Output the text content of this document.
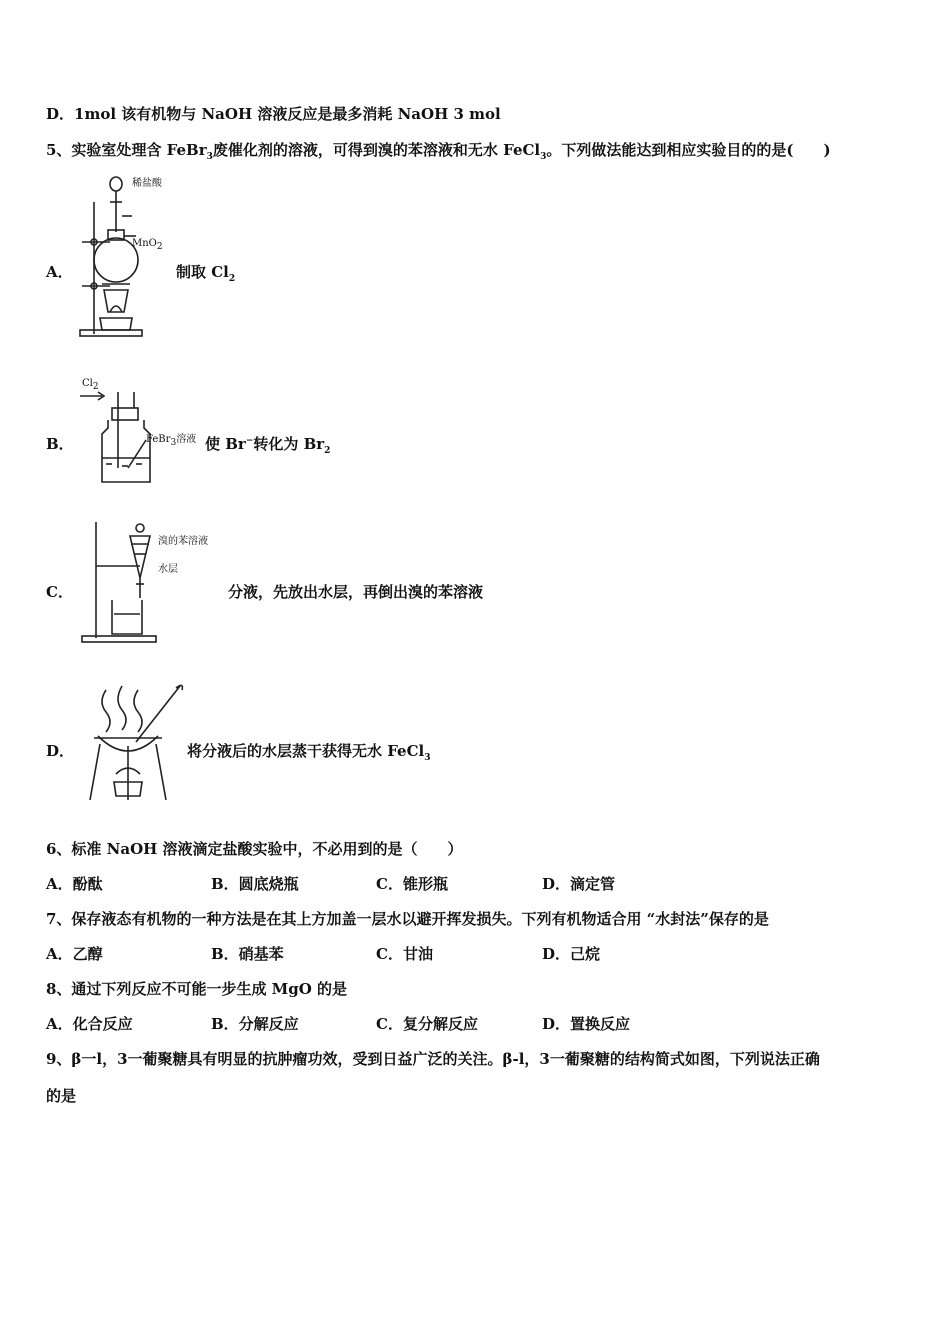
D．1mol 该有机物与 NaOH 溶液反应是最多消耗 NaOH 3 mol
5、实验室处理含 FeBr$_3$废催化剂的溶液，可得到溴的苯溶液和无水 FeCl$_3$。下列做法能达到相应实验目的的是(　　)
A．
稀盐酸
MnO$_2$
制取 $Cl_2$
B．
$Cl_2$
FeBr$_3$溶液 使 Br−转化为 $Br_2$
C．
溴的苯溶液
水层
分液，先放出水层，再倒出溴的苯溶液
D．	将分液后的水层蒸干获得无水 FeCl$_3$
6、标准 NaOH 溶液滴定盐酸实验中，不必用到的是（　　）
A．酚酞	B．圆底烧瓶	C．锥形瓶	D．滴定管
7、保存液态有机物的一种方法是在其上方加盖一层水以避开挥发损失。下列有机物适合用 “水封法”保存的是
A．乙醇	B．硝基苯	C．甘油	D．己烷
8、通过下列反应不可能一步生成 MgO 的是
A．化合反应	B．分解反应	C．复分解反应	D．置换反应
9、β一l，3一葡聚糖具有明显的抗肿瘤功效，受到日益广泛的关注。β-l，3一葡聚糖的结构简式如图，下列说法正确
的是
